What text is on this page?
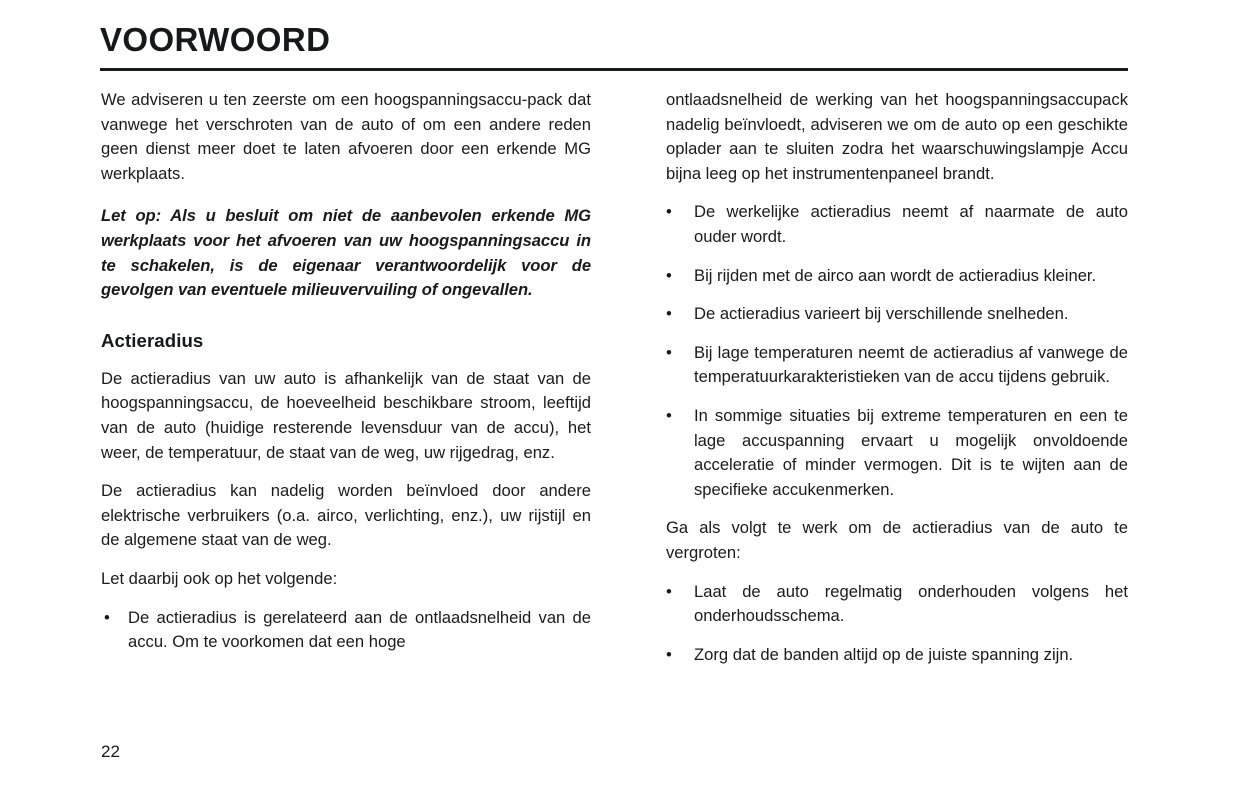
VOORWOORD

We adviseren u ten zeerste om een hoogspanningsaccu-pack dat vanwege het verschroten van de auto of om een andere reden geen dienst meer doet te laten afvoeren door een erkende MG werkplaats.

Let op: Als u besluit om niet de aanbevolen erkende MG werkplaats voor het afvoeren van uw hoogspanningsaccu in te schakelen, is de eigenaar verantwoordelijk voor de gevolgen van eventuele milieuvervuiling of ongevallen.

Actieradius

De actieradius van uw auto is afhankelijk van de staat van de hoogspanningsaccu, de hoeveelheid beschikbare stroom, leeftijd van de auto (huidige resterende levensduur van de accu), het weer, de temperatuur, de staat van de weg, uw rijgedrag, enz.

De actieradius kan nadelig worden beïnvloed door andere elektrische verbruikers (o.a. airco, verlichting, enz.), uw rijstijl en de algemene staat van de weg.

Let daarbij ook op het volgende:

• De actieradius is gerelateerd aan de ontlaadsnelheid van de accu. Om te voorkomen dat een hoge

ontlaadsnelheid de werking van het hoogspanningsaccupack nadelig beïnvloedt, adviseren we om de auto op een geschikte oplader aan te sluiten zodra het waarschuwingslampje Accu bijna leeg op het instrumentenpaneel brandt.

• De werkelijke actieradius neemt af naarmate de auto ouder wordt.
• Bij rijden met de airco aan wordt de actieradius kleiner.
• De actieradius varieert bij verschillende snelheden.
• Bij lage temperaturen neemt de actieradius af vanwege de temperatuurkarakteristieken van de accu tijdens gebruik.
• In sommige situaties bij extreme temperaturen en een te lage accuspanning ervaart u mogelijk onvoldoende acceleratie of minder vermogen. Dit is te wijten aan de specifieke accukenmerken.

Ga als volgt te werk om de actieradius van de auto te vergroten:

• Laat de auto regelmatig onderhouden volgens het onderhoudsschema.
• Zorg dat de banden altijd op de juiste spanning zijn.
22
